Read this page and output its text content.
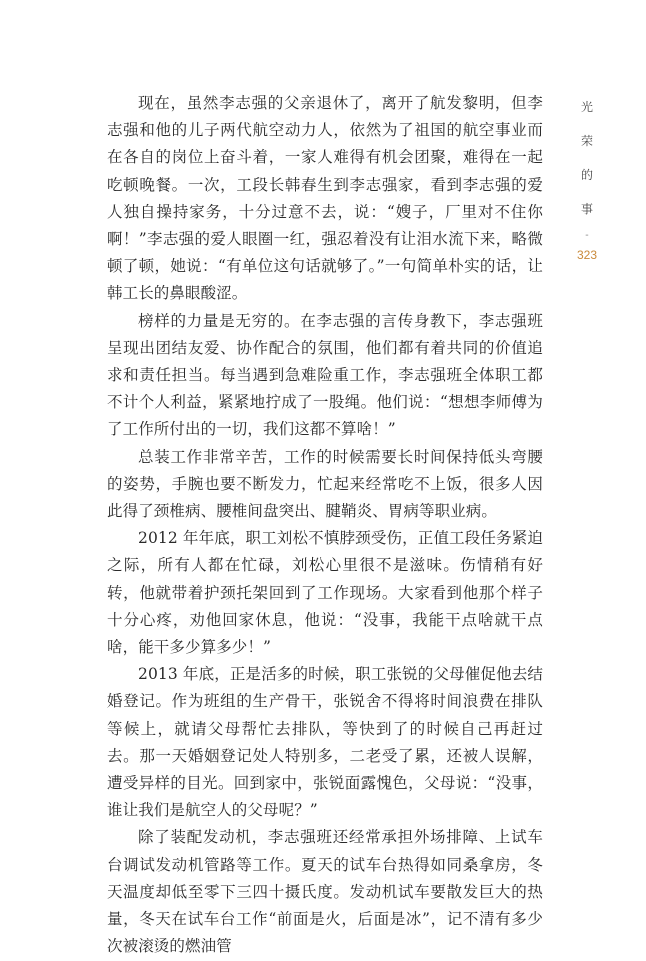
现在，虽然李志强的父亲退休了，离开了航发黎明，但李志强和他的儿子两代航空动力人，依然为了祖国的航空事业而在各自的岗位上奋斗着，一家人难得有机会团聚，难得在一起吃顿晚餐。一次，工段长韩春生到李志强家，看到李志强的爱人独自操持家务，十分过意不去，说：“嫂子，厂里对不住你啊！”李志强的爱人眼圈一红，强忍着没有让泪水流下来，略微顿了顿，她说：“有单位这句话就够了。”一句简单朴实的话，让韩工长的鼻眼酸涩。

榜样的力量是无穷的。在李志强的言传身教下，李志强班呈现出团结友爱、协作配合的氛围，他们都有着共同的价值追求和责任担当。每当遇到急难险重工作，李志强班全体职工都不计个人利益，紧紧地拧成了一股绳。他们说：“想想李师傅为了工作所付出的一切，我们这都不算啥！”

总装工作非常辛苦，工作的时候需要长时间保持低头弯腰的姿势，手腕也要不断发力，忙起来经常吃不上饭，很多人因此得了颈椎病、腰椎间盘突出、腱鞘炎、胃病等职业病。

2012 年年底，职工刘松不慎脖颈受伤，正值工段任务紧迫之际，所有人都在忙碌，刘松心里很不是滋味。伤情稍有好转，他就带着护颈托架回到了工作现场。大家看到他那个样子十分心疼，劝他回家休息，他说：“没事，我能干点啥就干点啥，能干多少算多少！”

2013 年底，正是活多的时候，职工张锐的父母催促他去结婚登记。作为班组的生产骨干，张锐舍不得将时间浪费在排队等候上，就请父母帮忙去排队，等快到了的时候自己再赶过去。那一天婚姻登记处人特别多，二老受了累，还被人误解，遭受异样的目光。回到家中，张锐面露愧色，父母说：“没事，谁让我们是航空人的父母呢？”

除了装配发动机，李志强班还经常承担外场排障、上试车台调试发动机管路等工作。夏天的试车台热得如同桑拿房，冬天温度却低至零下三四十摄氏度。发动机试车要散发巨大的热量，冬天在试车台工作“前面是火，后面是冰”，记不清有多少次被滚烫的燃油管

光
荣
的
事
-
323
